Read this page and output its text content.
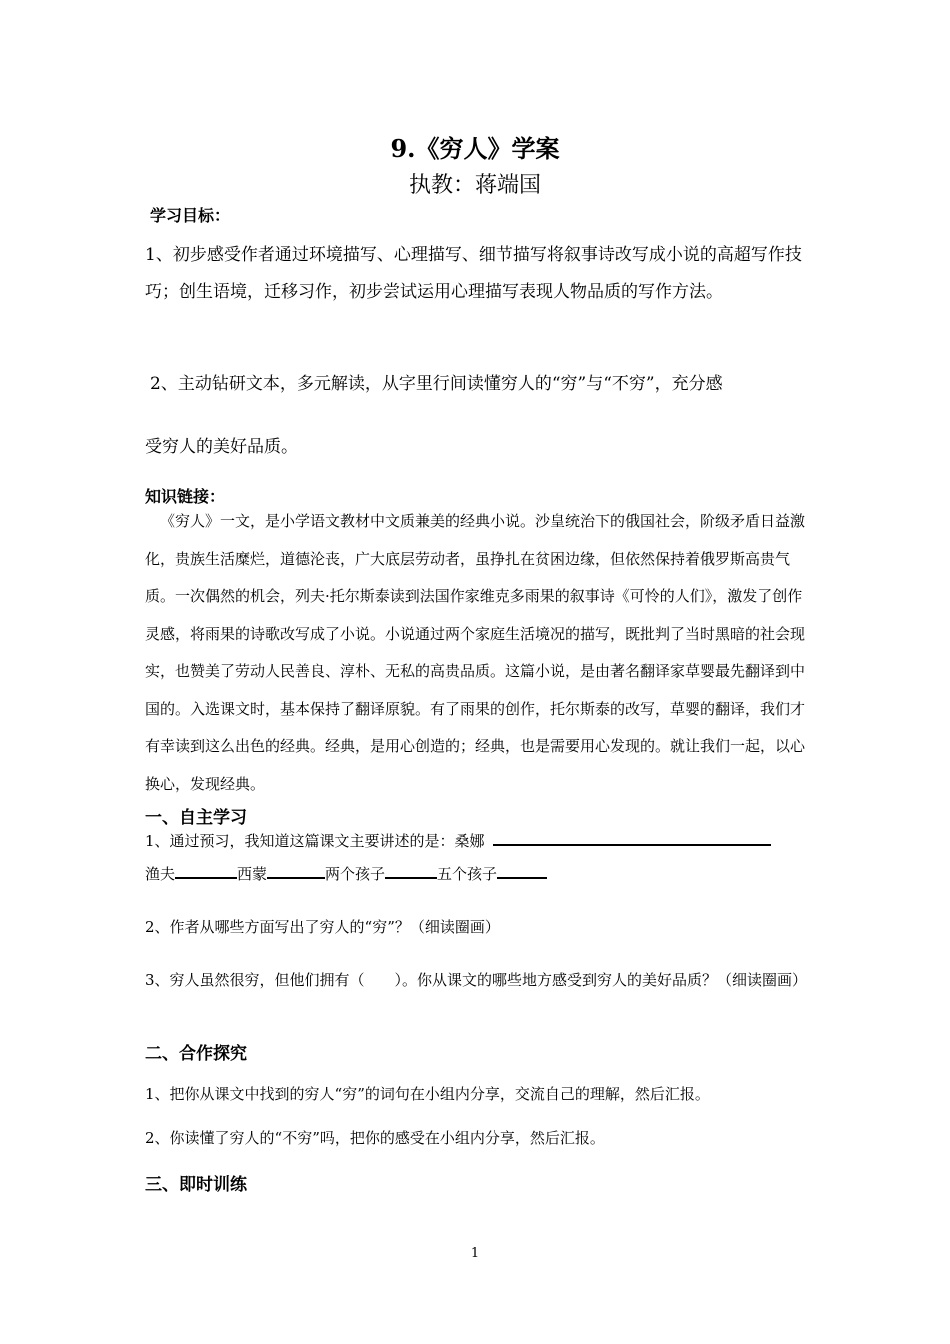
9.《穷人》学案
执教：蒋端国
学习目标：
1、初步感受作者通过环境描写、心理描写、细节描写将叙事诗改写成小说的高超写作技巧；创生语境，迁移习作，初步尝试运用心理描写表现人物品质的写作方法。
2、主动钻研文本，多元解读，从字里行间读懂穷人的“穷”与“不穷”，充分感
受穷人的美好品质。
知识链接：
《穷人》一文，是小学语文教材中文质兼美的经典小说。沙皇统治下的俄国社会，阶级矛盾日益激化，贵族生活糜烂，道德沦丧，广大底层劳动者，虽挣扎在贫困边缘，但依然保持着俄罗斯高贵气质。一次偶然的机会，列夫·托尔斯泰读到法国作家维克多雨果的叙事诗《可怜的人们》，激发了创作灵感，将雨果的诗歌改写成了小说。小说通过两个家庭生活境况的描写，既批判了当时黑暗的社会现实，也赞美了劳动人民善良、淳朴、无私的高贵品质。这篇小说，是由著名翻译家草婴最先翻译到中国的。入选课文时，基本保持了翻译原貌。有了雨果的创作，托尔斯泰的改写，草婴的翻译，我们才有幸读到这么出色的经典。经典，是用心创造的；经典，也是需要用心发现的。就让我们一起，以心换心，发现经典。
一、自主学习
1、通过预习，我知道这篇课文主要讲述的是：桑娜
渔夫	西蒙	两个孩子	五个孩子
2、作者从哪些方面写出了穷人的“穷”？（细读圈画）
3、穷人虽然很穷，但他们拥有（　　）。你从课文的哪些地方感受到穷人的美好品质？（细读圈画）
二、合作探究
1、把你从课文中找到的穷人“穷”的词句在小组内分享，交流自己的理解，然后汇报。
2、你读懂了穷人的“不穷”吗，把你的感受在小组内分享，然后汇报。
三、即时训练
1
